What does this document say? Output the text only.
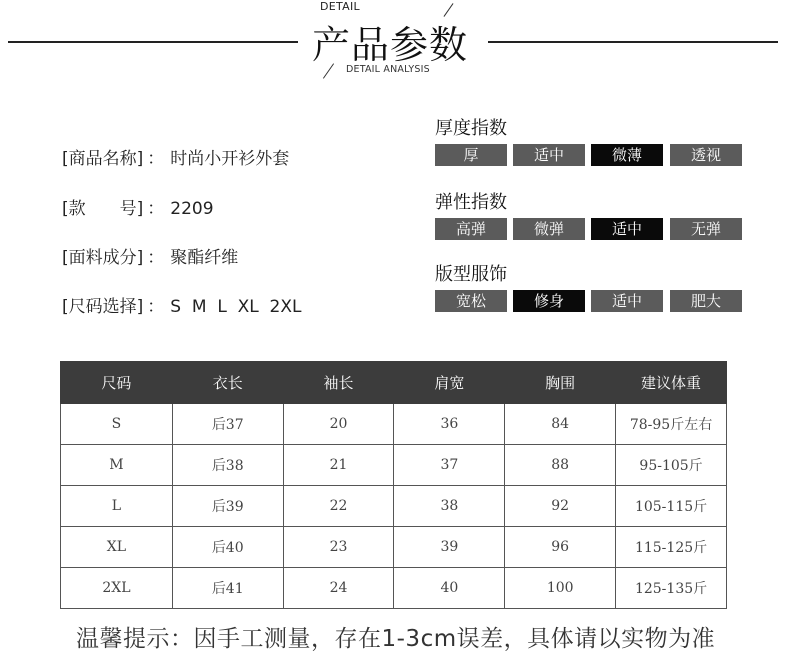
DETAIL
产品参数
DETAIL ANALYSIS
[商品名称] ： 时尚小开衫外套
[款　　号] ： 2209
[面料成分] ： 聚酯纤维
[尺码选择] ： S  M  L  XL  2XL
厚度指数
厚	适中	微薄	透视
弹性指数
高弹	微弹	适中	无弹
版型服饰
宽松	修身	适中	肥大
尺码	衣长	袖长	肩宽	胸围	建议体重
S	后37	20	36	84	78-95斤左右
M	后38	21	37	88	95-105斤
L	后39	22	38	92	105-115斤
XL	后40	23	39	96	115-125斤
2XL	后41	24	40	100	125-135斤
温馨提示：因手工测量，存在1-3cm误差，具体请以实物为准
